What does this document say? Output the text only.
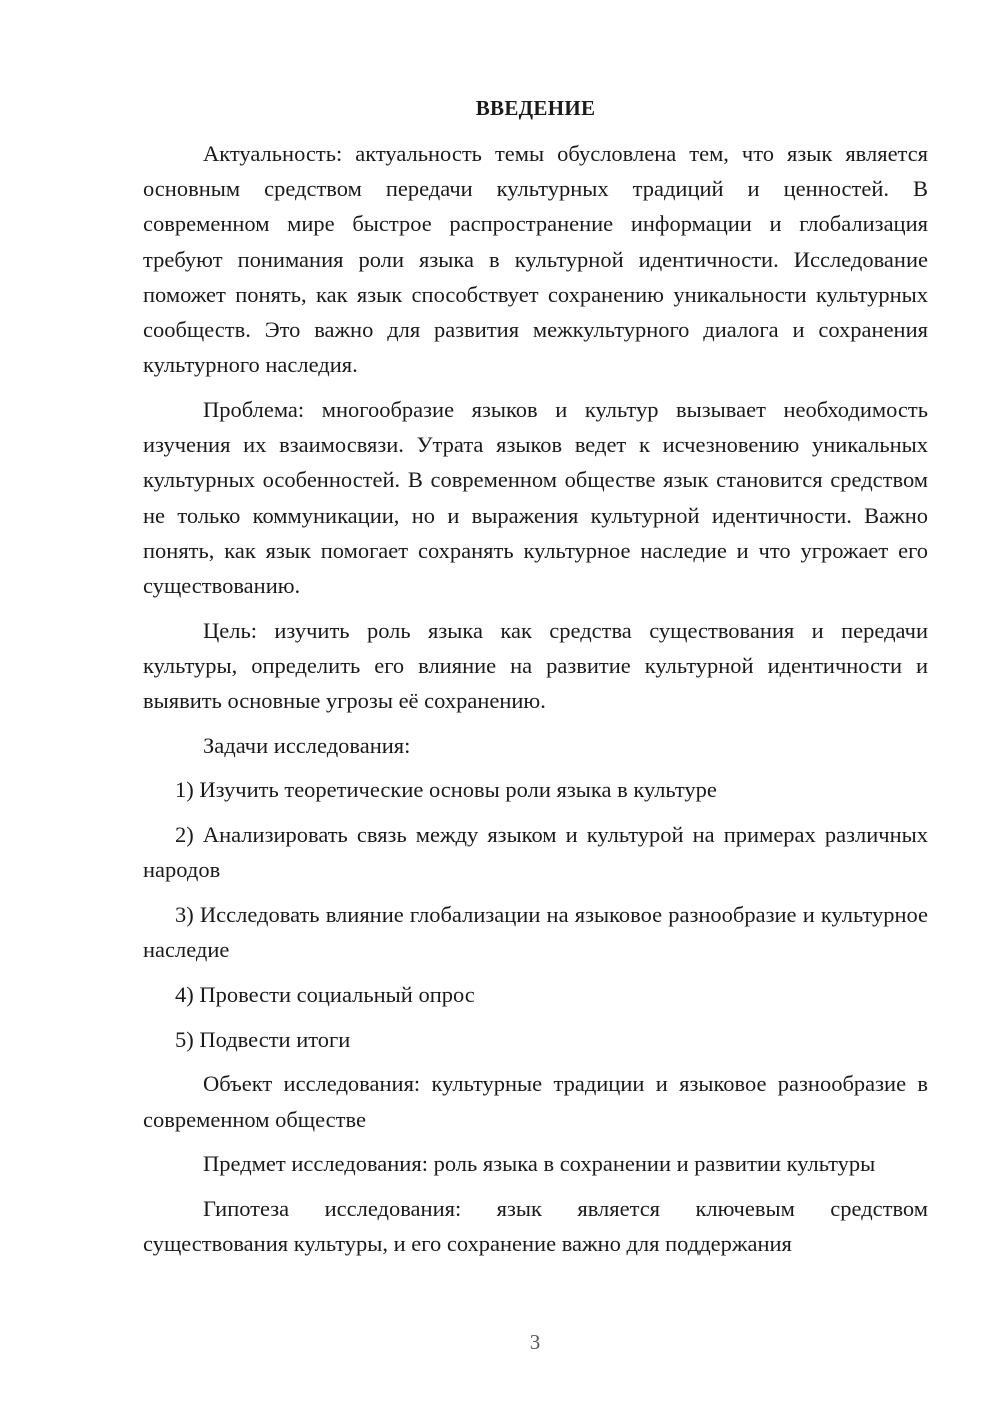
ВВЕДЕНИЕ

Актуальность: актуальность темы обусловлена тем, что язык является основным средством передачи культурных традиций и ценностей. В современном мире быстрое распространение информации и глобализация требуют понимания роли языка в культурной идентичности. Исследование поможет понять, как язык способствует сохранению уникальности культурных сообществ. Это важно для развития межкультурного диалога и сохранения культурного наследия.

Проблема: многообразие языков и культур вызывает необходимость изучения их взаимосвязи. Утрата языков ведет к исчезновению уникальных культурных особенностей. В современном обществе язык становится средством не только коммуникации, но и выражения культурной идентичности. Важно понять, как язык помогает сохранять культурное наследие и что угрожает его существованию.

Цель: изучить роль языка как средства существования и передачи культуры, определить его влияние на развитие культурной идентичности и выявить основные угрозы её сохранению.

Задачи исследования:

1) Изучить теоретические основы роли языка в культуре

2) Анализировать связь между языком и культурой на примерах различных народов

3) Исследовать влияние глобализации на языковое разнообразие и культурное наследие

4) Провести социальный опрос

5) Подвести итоги

Объект исследования: культурные традиции и языковое разнообразие в современном обществе

Предмет исследования: роль языка в сохранении и развитии культуры

Гипотеза исследования: язык является ключевым средством существования культуры, и его сохранение важно для поддержания

3
